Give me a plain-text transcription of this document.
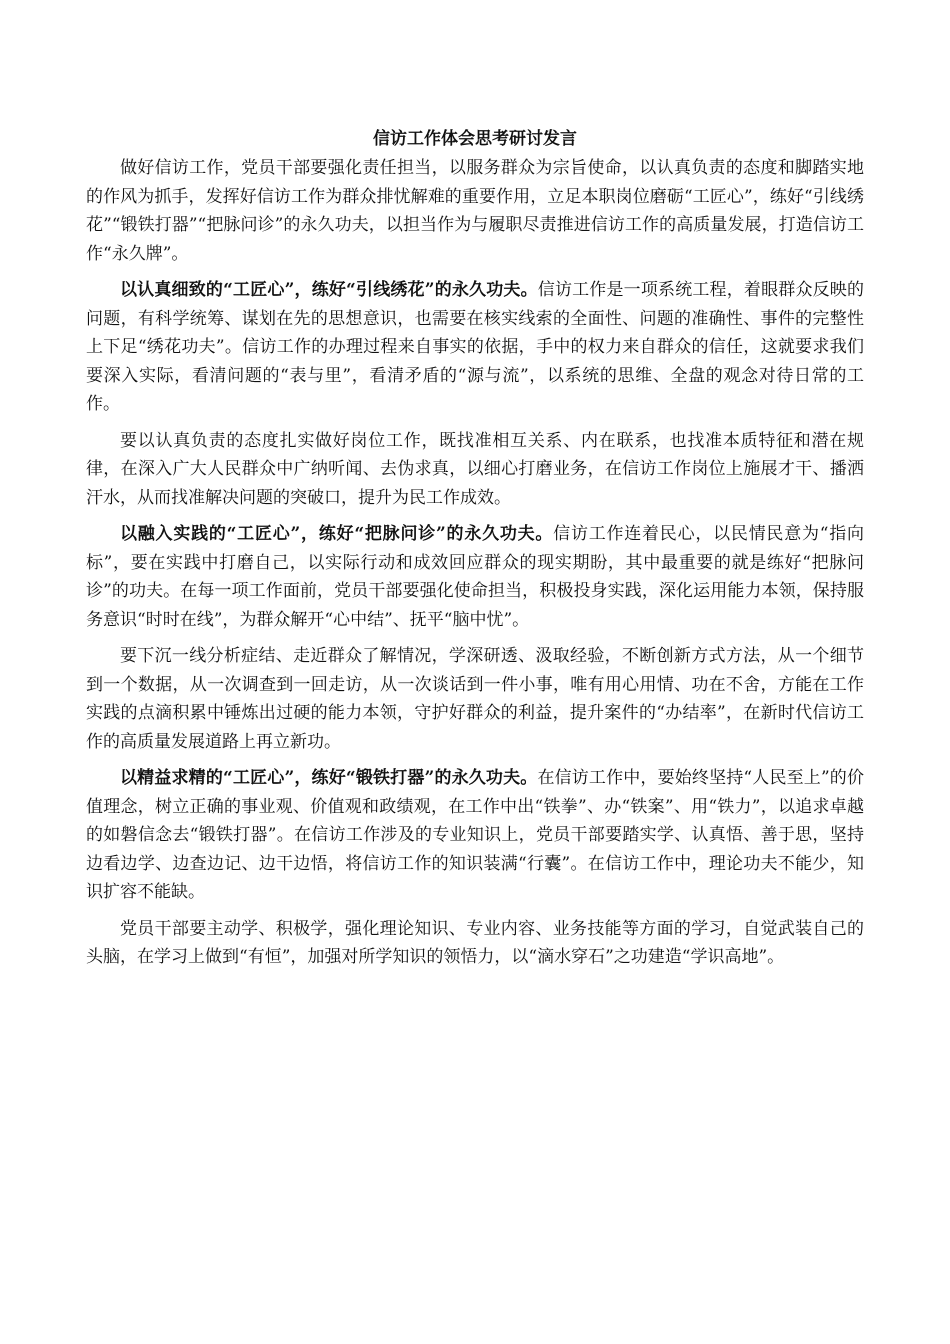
信访工作体会思考研讨发言

做好信访工作，党员干部要强化责任担当，以服务群众为宗旨使命，以认真负责的态度和脚踏实地的作风为抓手，发挥好信访工作为群众排忧解难的重要作用，立足本职岗位磨砺“工匠心”，练好“引线绣花”“锻铁打器”“把脉问诊”的永久功夫，以担当作为与履职尽责推进信访工作的高质量发展，打造信访工作“永久牌”。

以认真细致的“工匠心”，练好“引线绣花”的永久功夫。信访工作是一项系统工程，着眼群众反映的问题，有科学统筹、谋划在先的思想意识，也需要在核实线索的全面性、问题的准确性、事件的完整性上下足“绣花功夫”。信访工作的办理过程来自事实的依据，手中的权力来自群众的信任，这就要求我们要深入实际，看清问题的“表与里”，看清矛盾的“源与流”，以系统的思维、全盘的观念对待日常的工作。

要以认真负责的态度扎实做好岗位工作，既找准相互关系、内在联系，也找准本质特征和潜在规律，在深入广大人民群众中广纳听闻、去伪求真，以细心打磨业务，在信访工作岗位上施展才干、播洒汗水，从而找准解决问题的突破口，提升为民工作成效。

以融入实践的“工匠心”，练好“把脉问诊”的永久功夫。信访工作连着民心，以民情民意为“指向标”，要在实践中打磨自己，以实际行动和成效回应群众的现实期盼，其中最重要的就是练好“把脉问诊”的功夫。在每一项工作面前，党员干部要强化使命担当，积极投身实践，深化运用能力本领，保持服务意识“时时在线”，为群众解开“心中结”、抚平“脑中忧”。

要下沉一线分析症结、走近群众了解情况，学深研透、汲取经验，不断创新方式方法，从一个细节到一个数据，从一次调查到一回走访，从一次谈话到一件小事，唯有用心用情、功在不舍，方能在工作实践的点滴积累中锤炼出过硬的能力本领，守护好群众的利益，提升案件的“办结率”，在新时代信访工作的高质量发展道路上再立新功。

以精益求精的“工匠心”，练好“锻铁打器”的永久功夫。在信访工作中，要始终坚持“人民至上”的价值理念，树立正确的事业观、价值观和政绩观，在工作中出“铁拳”、办“铁案”、用“铁力”，以追求卓越的如磐信念去“锻铁打器”。在信访工作涉及的专业知识上，党员干部要踏实学、认真悟、善于思，坚持边看边学、边查边记、边干边悟，将信访工作的知识装满“行囊”。在信访工作中，理论功夫不能少，知识扩容不能缺。

党员干部要主动学、积极学，强化理论知识、专业内容、业务技能等方面的学习，自觉武装自己的头脑，在学习上做到“有恒”，加强对所学知识的领悟力，以“滴水穿石”之功建造“学识高地”。
